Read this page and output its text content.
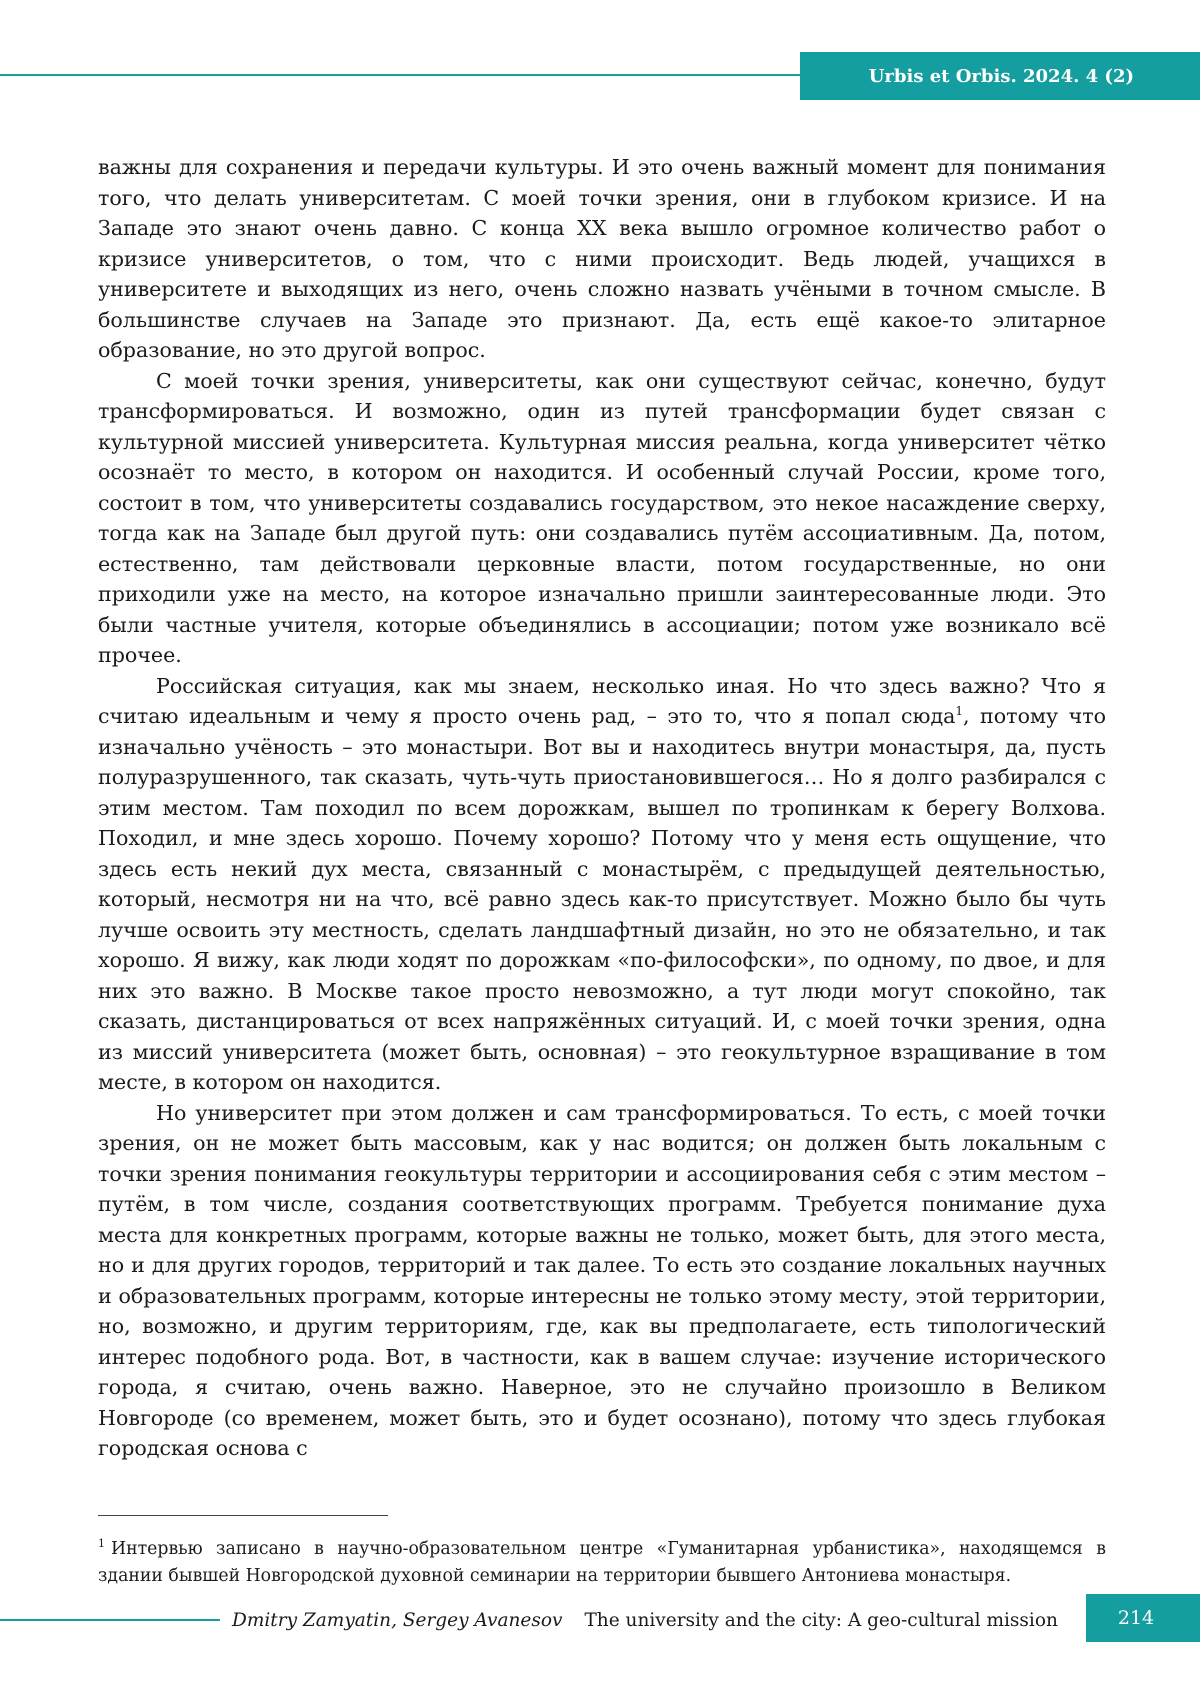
Urbis et Orbis. 2024. 4 (2)

важны для сохранения и передачи культуры. И это очень важный момент для понимания того, что делать университетам. С моей точки зрения, они в глубоком кризисе. И на Западе это знают очень давно. С конца XX века вышло огромное количество работ о кризисе университетов, о том, что с ними происходит. Ведь людей, учащихся в университете и выходящих из него, очень сложно назвать учёными в точном смысле. В большинстве случаев на Западе это признают. Да, есть ещё какое-то элитарное образование, но это другой вопрос.

С моей точки зрения, университеты, как они существуют сейчас, конечно, будут трансформироваться. И возможно, один из путей трансформации будет связан с культурной миссией университета. Культурная миссия реальна, когда университет чётко осознаёт то место, в котором он находится. И особенный случай России, кроме того, состоит в том, что университеты создавались государством, это некое насаждение сверху, тогда как на Западе был другой путь: они создавались путём ассоциативным. Да, потом, естественно, там действовали церковные власти, потом государственные, но они приходили уже на место, на которое изначально пришли заинтересованные люди. Это были частные учителя, которые объединялись в ассоциации; потом уже возникало всё прочее.

Российская ситуация, как мы знаем, несколько иная. Но что здесь важно? Что я считаю идеальным и чему я просто очень рад, – это то, что я попал сюда$^1$, потому что изначально учёность – это монастыри. Вот вы и находитесь внутри монастыря, да, пусть полуразрушенного, так сказать, чуть-чуть приостановившегося… Но я долго разбирался с этим местом. Там походил по всем дорожкам, вышел по тропинкам к берегу Волхова. Походил, и мне здесь хорошо. Почему хорошо? Потому что у меня есть ощущение, что здесь есть некий дух места, связанный с монастырём, с предыдущей деятельностью, который, несмотря ни на что, всё равно здесь как-то присутствует. Можно было бы чуть лучше освоить эту местность, сделать ландшафтный дизайн, но это не обязательно, и так хорошо. Я вижу, как люди ходят по дорожкам «по-философски», по одному, по двое, и для них это важно. В Москве такое просто невозможно, а тут люди могут спокойно, так сказать, дистанцироваться от всех напряжённых ситуаций. И, с моей точки зрения, одна из миссий университета (может быть, основная) – это геокультурное взращивание в том месте, в котором он находится.

Но университет при этом должен и сам трансформироваться. То есть, с моей точки зрения, он не может быть массовым, как у нас водится; он должен быть локальным с точки зрения понимания геокультуры территории и ассоциирования себя с этим местом – путём, в том числе, создания соответствующих программ. Требуется понимание духа места для конкретных программ, которые важны не только, может быть, для этого места, но и для других городов, территорий и так далее. То есть это создание локальных научных и образовательных программ, которые интересны не только этому месту, этой территории, но, возможно, и другим территориям, где, как вы предполагаете, есть типологический интерес подобного рода. Вот, в частности, как в вашем случае: изучение исторического города, я считаю, очень важно. Наверное, это не случайно произошло в Великом Новгороде (со временем, может быть, это и будет осознано), потому что здесь глубокая городская основа с

$^1$ Интервью записано в научно-образовательном центре «Гуманитарная урбанистика», находящемся в здании бывшей Новгородской духовной семинарии на территории бывшего Антониева монастыря.
Dmitry Zamyatin, Sergey Avanesov The university and the city: A geo-cultural mission	214
